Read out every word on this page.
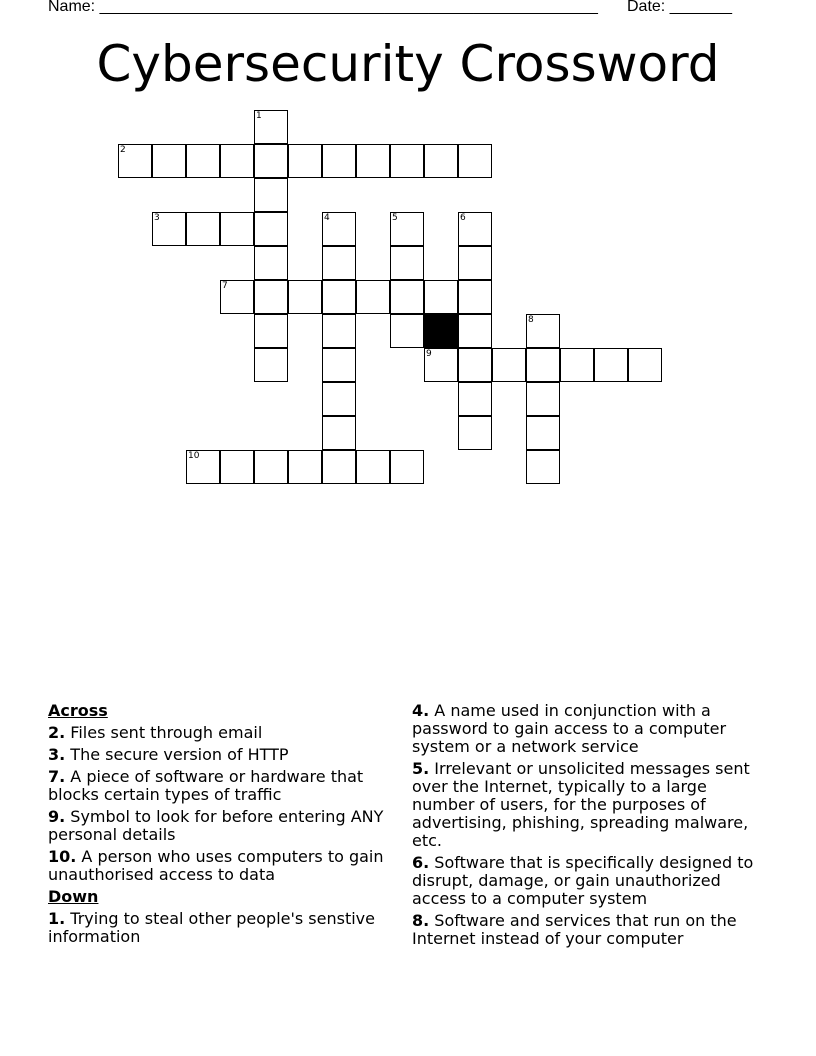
Name: ________________________________________________________ Date: _______
Cybersecurity Crossword
1
2
3	4	5	6
7
8
9
10
Across
2. Files sent through email
3. The secure version of HTTP
7. A piece of software or hardware that blocks certain types of traffic
9. Symbol to look for before entering ANY personal details
10. A person who uses computers to gain unauthorised access to data
Down
1. Trying to steal other people's senstive information
4. A name used in conjunction with a password to gain access to a computer system or a network service
5. Irrelevant or unsolicited messages sent over the Internet, typically to a large number of users, for the purposes of advertising, phishing, spreading malware, etc.
6. Software that is specifically designed to disrupt, damage, or gain unauthorized access to a computer system
8. Software and services that run on the Internet instead of your computer
